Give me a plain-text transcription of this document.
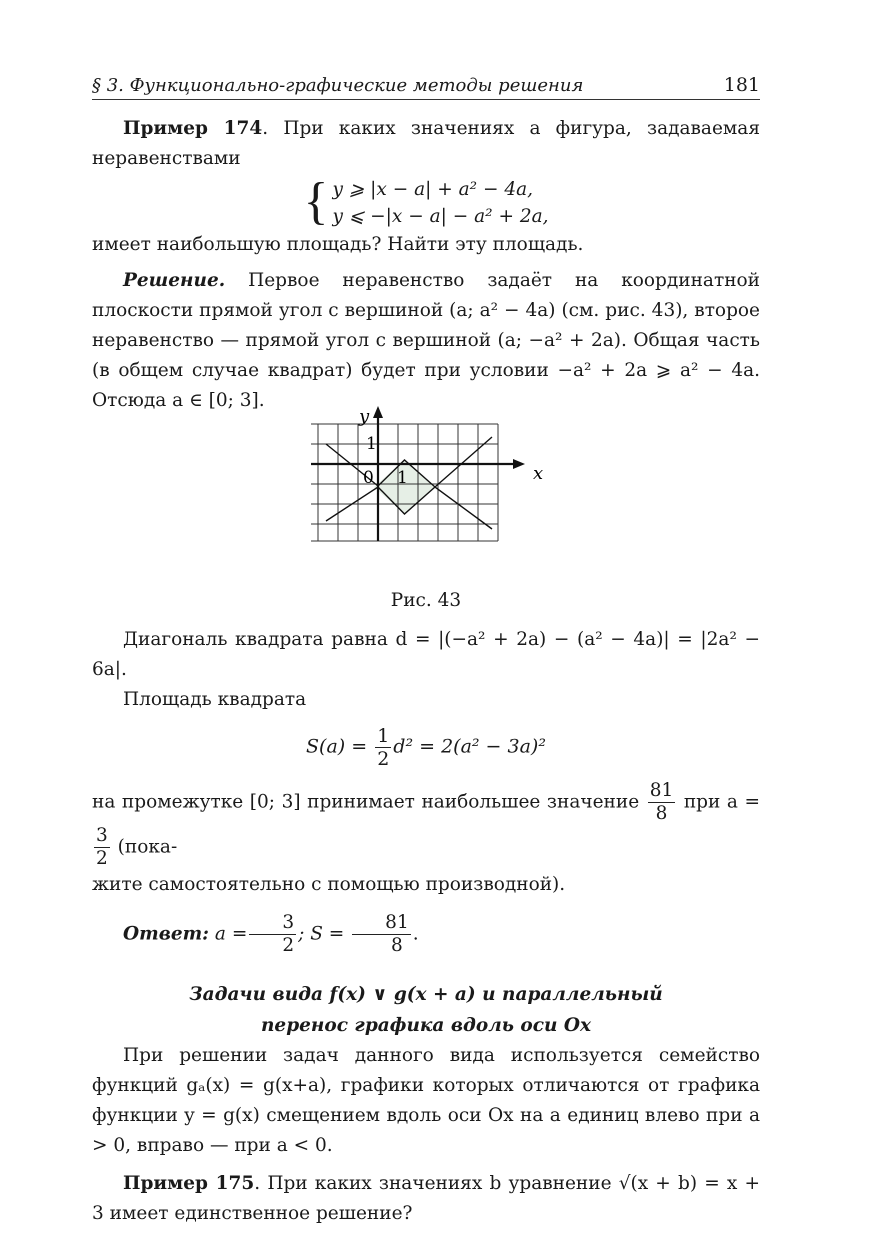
§ 3. Функционально-графические методы решения	181

Пример 174. При каких значениях a фигура, задаваемая неравенствами

{ y ⩾ |x − a| + a² − 4a,

y ⩽ −|x − a| − a² + 2a,

имеет наибольшую площадь? Найти эту площадь.

Решение. Первое неравенство задаёт на координатной плоскости прямой угол с вершиной (a; a² − 4a) (см. рис. 43), второе неравенство — прямой угол с вершиной (a; −a² + 2a). Общая часть (в общем случае квадрат) будет при условии −a² + 2a ⩾ a² − 4a. Отсюда a ∈ [0; 3].

x
y
0 1
1
Рис. 43

Диагональ квадрата равна d = |(−a² + 2a) − (a² − 4a)| = |2a² − 6a|.

Площадь квадрата

$S(a) = \frac{1}{2} d^2 = 2(a^2 - 3a)^2$

на промежутке [0; 3] принимает наибольшее значение $\frac{81}{8}$ при a =
$\frac{3}{2}$ (пока-

жите самостоятельно с помощью производной).

Ответ: $a = \frac{3}{2}$ ; $S = \frac{81}{8}$ .

Задачи вида f(x) ∨ g(x + a) и параллельный
перенос графика вдоль оси Ox

При решении задач данного вида используется семейство функций gₐ(x) = g(x+a), графики которых отличаются от графика функции y = g(x) смещением вдоль оси Ox на a единиц влево при a > 0, вправо — при a < 0.

Пример 175. При каких значениях b уравнение √(x + b) = x + 3 имеет единственное решение?
